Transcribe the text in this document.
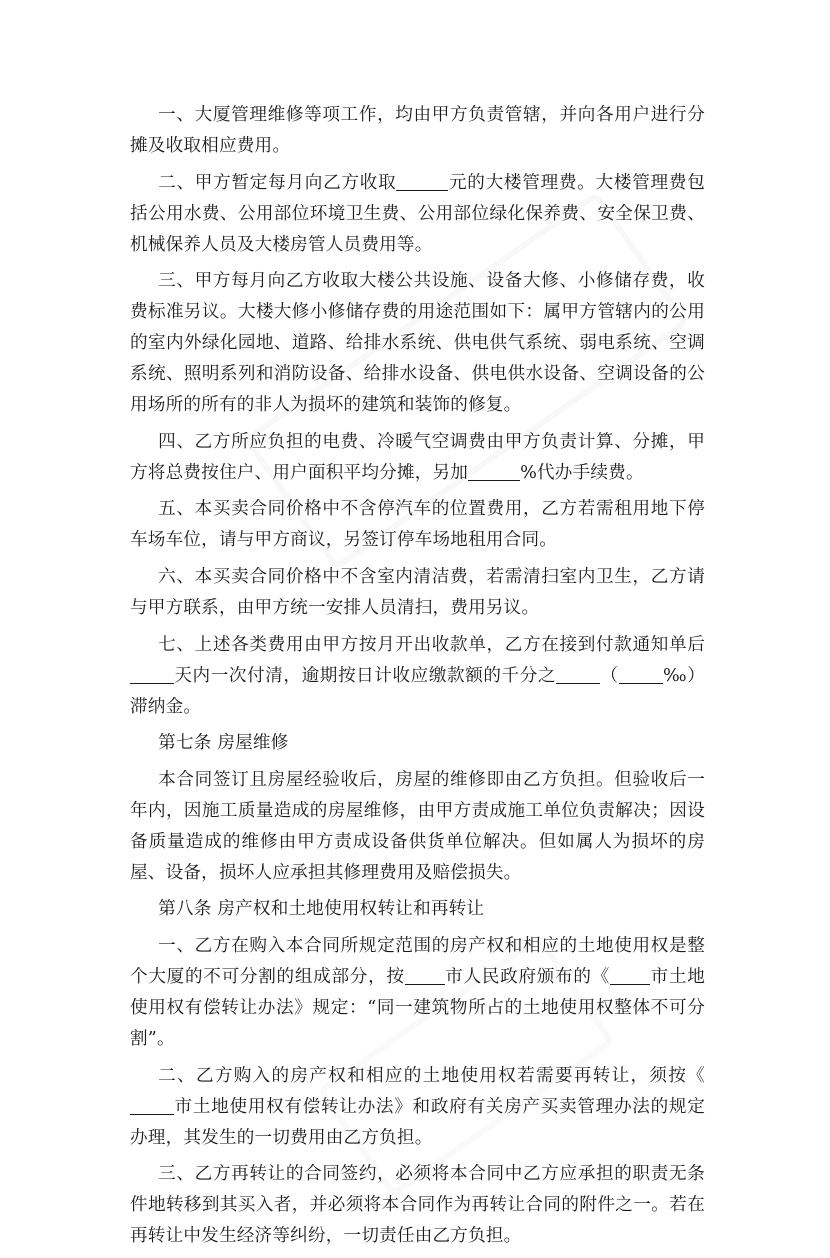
一、大厦管理维修等项工作，均由甲方负责管辖，并向各用户进行分摊及收取相应费用。

二、甲方暂定每月向乙方收取	元的大楼管理费。大楼管理费包括公用水费、公用部位环境卫生费、公用部位绿化保养费、安全保卫费、机械保养人员及大楼房管人员费用等。

三、甲方每月向乙方收取大楼公共设施、设备大修、小修储存费，收费标准另议。大楼大修小修储存费的用途范围如下：属甲方管辖内的公用的室内外绿化园地、道路、给排水系统、供电供气系统、弱电系统、空调系统、照明系列和消防设备、给排水设备、供电供水设备、空调设备的公用场所的所有的非人为损坏的建筑和装饰的修复。

四、乙方所应负担的电费、冷暖气空调费由甲方负责计算、分摊，甲方将总费按住户、用户面积平均分摊，另加	%代办手续费。

五、本买卖合同价格中不含停汽车的位置费用，乙方若需租用地下停车场车位，请与甲方商议，另签订停车场地租用合同。

六、本买卖合同价格中不含室内清洁费，若需清扫室内卫生，乙方请与甲方联系，由甲方统一安排人员清扫，费用另议。

七、上述各类费用由甲方按月开出收款单，乙方在接到付款通知单后天内一次付清，逾期按日计收应缴款额的千分之	（	‰）滞纳金。

第七条 房屋维修

本合同签订且房屋经验收后，房屋的维修即由乙方负担。但验收后一年内，因施工质量造成的房屋维修，由甲方责成施工单位负责解决；因设备质量造成的维修由甲方责成设备供货单位解决。但如属人为损坏的房屋、设备，损坏人应承担其修理费用及赔偿损失。

第八条 房产权和土地使用权转让和再转让

一、乙方在购入本合同所规定范围的房产权和相应的土地使用权是整个大厦的不可分割的组成部分，按 市人民政府颁布的《 市土地使用权有偿转让办法》规定：“同一建筑物所占的土地使用权整体不可分割”。

二、乙方购入的房产权和相应的土地使用权若需要再转让，须按《市土地使用权有偿转让办法》和政府有关房产买卖管理办法的规定办理，其发生的一切费用由乙方负担。

三、乙方再转让的合同签约，必须将本合同中乙方应承担的职责无条件地转移到其买入者，并必须将本合同作为再转让合同的附件之一。若在再转让中发生经济等纠纷，一切责任由乙方负担。
